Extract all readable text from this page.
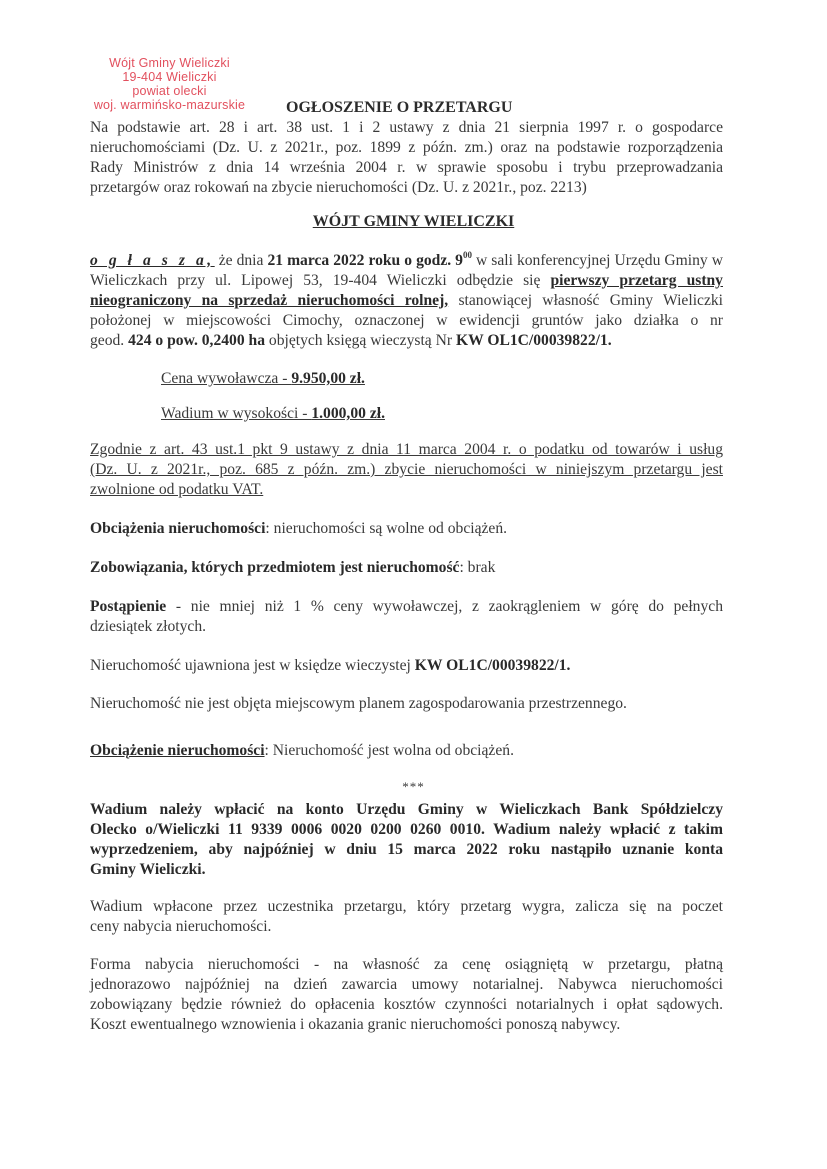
Wójt Gminy Wieliczki
19-404 Wieliczki
powiat olecki
woj. warmińsko-mazurskie	OGŁOSZENIE O PRZETARGU
Na podstawie art. 28 i art. 38 ust. 1 i 2 ustawy z dnia 21 sierpnia 1997 r. o gospodarce
nieruchomościami (Dz. U. z 2021r., poz. 1899 z późn. zm.) oraz na podstawie rozporządzenia
Rady Ministrów z dnia 14 września 2004 r. w sprawie sposobu i trybu przeprowadzania
przetargów oraz rokowań na zbycie nieruchomości (Dz. U. z 2021r., poz. 2213)
WÓJT GMINY WIELICZKI
o g ł a s z a, że dnia 21 marca 2022 roku o godz. $9^{00}$ w sali konferencyjnej Urzędu Gminy w
Wieliczkach przy ul. Lipowej 53, 19-404 Wieliczki odbędzie się pierwszy przetarg ustny
nieograniczony na sprzedaż nieruchomości rolnej, stanowiącej własność Gminy Wieliczki
położonej w miejscowości Cimochy, oznaczonej w ewidencji gruntów jako działka o nr
geod. 424 o pow. 0,2400 ha objętych księgą wieczystą Nr KW OL1C/00039822/1.
Cena wywoławcza - 9.950,00 zł.
Wadium w wysokości - 1.000,00 zł.
Zgodnie z art. 43 ust.1 pkt 9 ustawy z dnia 11 marca 2004 r. o podatku od towarów i usług
(Dz. U. z 2021r., poz. 685 z późn. zm.) zbycie nieruchomości w niniejszym przetargu jest
zwolnione od podatku VAT.
Obciążenia nieruchomości: nieruchomości są wolne od obciążeń.
Zobowiązania, których przedmiotem jest nieruchomość: brak
Postąpienie - nie mniej niż 1 % ceny wywoławczej, z zaokrągleniem w górę do pełnych
dziesiątek złotych.
Nieruchomość ujawniona jest w księdze wieczystej KW OL1C/00039822/1.
Nieruchomość nie jest objęta miejscowym planem zagospodarowania przestrzennego.
Obciążenie nieruchomości: Nieruchomość jest wolna od obciążeń.
***
Wadium należy wpłacić na konto Urzędu Gminy w Wieliczkach Bank Spółdzielczy
Olecko o/Wieliczki 11 9339 0006 0020 0200 0260 0010. Wadium należy wpłacić z takim
wyprzedzeniem, aby najpóźniej w dniu 15 marca 2022 roku nastąpiło uznanie konta
Gminy Wieliczki.
Wadium wpłacone przez uczestnika przetargu, który przetarg wygra, zalicza się na poczet
ceny nabycia nieruchomości.
Forma nabycia nieruchomości - na własność za cenę osiągniętą w przetargu, płatną
jednorazowo najpóźniej na dzień zawarcia umowy notarialnej. Nabywca nieruchomości
zobowiązany będzie również do opłacenia kosztów czynności notarialnych i opłat sądowych.
Koszt ewentualnego wznowienia i okazania granic nieruchomości ponoszą nabywcy.
